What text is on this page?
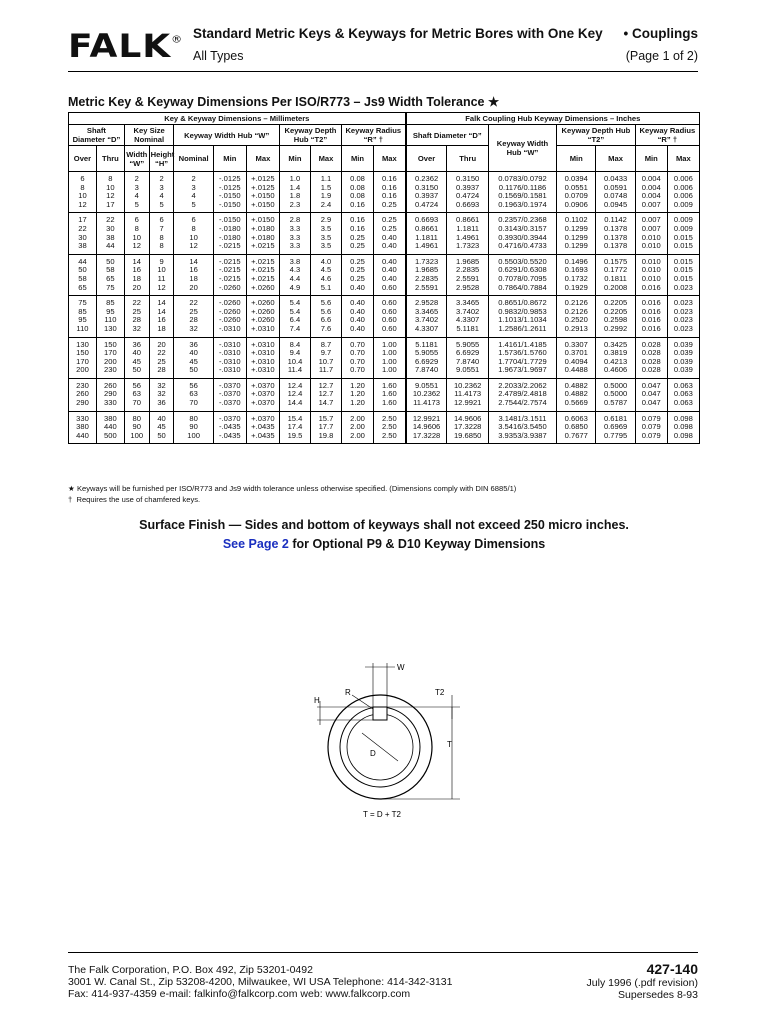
FALK® Standard Metric Keys & Keyways for Metric Bores with One Key • Couplings
All Types	(Page 1 of 2)
Metric Key & Keyway Dimensions Per ISO/R773 – Js9 Width Tolerance ★
Key & Keyway Dimensions – Millimeters											Falk Coupling Hub Keyway Dimensions – Inches						
Shaft Diameter “D”		Key Size Nominal		Keyway Width Hub “W”			Keyway Depth Hub “T2”		Keyway Radius “R” †		Shaft Diameter “D”		Keyway Width Hub “W”	Keyway Depth Hub “T2”		Keyway Radius “R” †	
Over	Thru	Width “W”	Height “H”	Nominal	Min	Max	Min	Max	Min	Max	Over	Thru		Min	Max	Min	Max
6	8	2	2	2	-.0125	+.0125	1.0	1.1	0.08	0.16	0.2362	0.3150	0.0783/0.0792	0.0394	0.0433	0.004	0.006
8	10	3	3	3	-.0125	+.0125	1.4	1.5	0.08	0.16	0.3150	0.3937	0.1176/0.1186	0.0551	0.0591	0.004	0.006
10	12	4	4	4	-.0150	+.0150	1.8	1.9	0.08	0.16	0.3937	0.4724	0.1569/0.1581	0.0709	0.0748	0.004	0.006
12	17	5	5	5	-.0150	+.0150	2.3	2.4	0.16	0.25	0.4724	0.6693	0.1963/0.1974	0.0906	0.0945	0.007	0.009
17	22	6	6	6	-.0150	+.0150	2.8	2.9	0.16	0.25	0.6693	0.8661	0.2357/0.2368	0.1102	0.1142	0.007	0.009
22	30	8	7	8	-.0180	+.0180	3.3	3.5	0.16	0.25	0.8661	1.1811	0.3143/0.3157	0.1299	0.1378	0.007	0.009
30	38	10	8	10	-.0180	+.0180	3.3	3.5	0.25	0.40	1.1811	1.4961	0.3930/0.3944	0.1299	0.1378	0.010	0.015
38	44	12	8	12	-.0215	+.0215	3.3	3.5	0.25	0.40	1.4961	1.7323	0.4716/0.4733	0.1299	0.1378	0.010	0.015
44	50	14	9	14	-.0215	+.0215	3.8	4.0	0.25	0.40	1.7323	1.9685	0.5503/0.5520	0.1496	0.1575	0.010	0.015
50	58	16	10	16	-.0215	+.0215	4.3	4.5	0.25	0.40	1.9685	2.2835	0.6291/0.6308	0.1693	0.1772	0.010	0.015
58	65	18	11	18	-.0215	+.0215	4.4	4.6	0.25	0.40	2.2835	2.5591	0.7078/0.7095	0.1732	0.1811	0.010	0.015
65	75	20	12	20	-.0260	+.0260	4.9	5.1	0.40	0.60	2.5591	2.9528	0.7864/0.7884	0.1929	0.2008	0.016	0.023
75	85	22	14	22	-.0260	+.0260	5.4	5.6	0.40	0.60	2.9528	3.3465	0.8651/0.8672	0.2126	0.2205	0.016	0.023
85	95	25	14	25	-.0260	+.0260	5.4	5.6	0.40	0.60	3.3465	3.7402	0.9832/0.9853	0.2126	0.2205	0.016	0.023
95	110	28	16	28	-.0260	+.0260	6.4	6.6	0.40	0.60	3.7402	4.3307	1.1013/1.1034	0.2520	0.2598	0.016	0.023
110	130	32	18	32	-.0310	+.0310	7.4	7.6	0.40	0.60	4.3307	5.1181	1.2586/1.2611	0.2913	0.2992	0.016	0.023
130	150	36	20	36	-.0310	+.0310	8.4	8.7	0.70	1.00	5.1181	5.9055	1.4161/1.4185	0.3307	0.3425	0.028	0.039
150	170	40	22	40	-.0310	+.0310	9.4	9.7	0.70	1.00	5.9055	6.6929	1.5736/1.5760	0.3701	0.3819	0.028	0.039
170	200	45	25	45	-.0310	+.0310	10.4	10.7	0.70	1.00	6.6929	7.8740	1.7704/1.7729	0.4094	0.4213	0.028	0.039
200	230	50	28	50	-.0310	+.0310	11.4	11.7	0.70	1.00	7.8740	9.0551	1.9673/1.9697	0.4488	0.4606	0.028	0.039
230	260	56	32	56	-.0370	+.0370	12.4	12.7	1.20	1.60	9.0551	10.2362	2.2033/2.2062	0.4882	0.5000	0.047	0.063
260	290	63	32	63	-.0370	+.0370	12.4	12.7	1.20	1.60	10.2362	11.4173	2.4789/2.4818	0.4882	0.5000	0.047	0.063
290	330	70	36	70	-.0370	+.0370	14.4	14.7	1.20	1.60	11.4173	12.9921	2.7544/2.7574	0.5669	0.5787	0.047	0.063
330	380	80	40	80	-.0370	+.0370	15.4	15.7	2.00	2.50	12.9921	14.9606	3.1481/3.1511	0.6063	0.6181	0.079	0.098
380	440	90	45	90	-.0435	+.0435	17.4	17.7	2.00	2.50	14.9606	17.3228	3.5416/3.5450	0.6850	0.6969	0.079	0.098
440	500	100	50	100	-.0435	+.0435	19.5	19.8	2.00	2.50	17.3228	19.6850	3.9353/3.9387	0.7677	0.7795	0.079	0.098
★ Keyways will be furnished per ISO/R773 and Js9 width tolerance unless otherwise specified. (Dimensions comply with DIN 6885/1)
† Requires the use of chamfered keys.
Surface Finish — Sides and bottom of keyways shall not exceed 250 micro inches.
See Page 2 for Optional P9 & D10 Keyway Dimensions
W
H
R	T2
T
D
T = D + T2
The Falk Corporation, P.O. Box 492, Zip 53201-0492
3001 W. Canal St., Zip 53208-4200, Milwaukee, WI USA Telephone: 414-342-3131
Fax: 414-937-4359 e-mail: falkinfo@falkcorp.com web: www.falkcorp.com
427-140
July 1996 (.pdf revision)
Supersedes 8-93
